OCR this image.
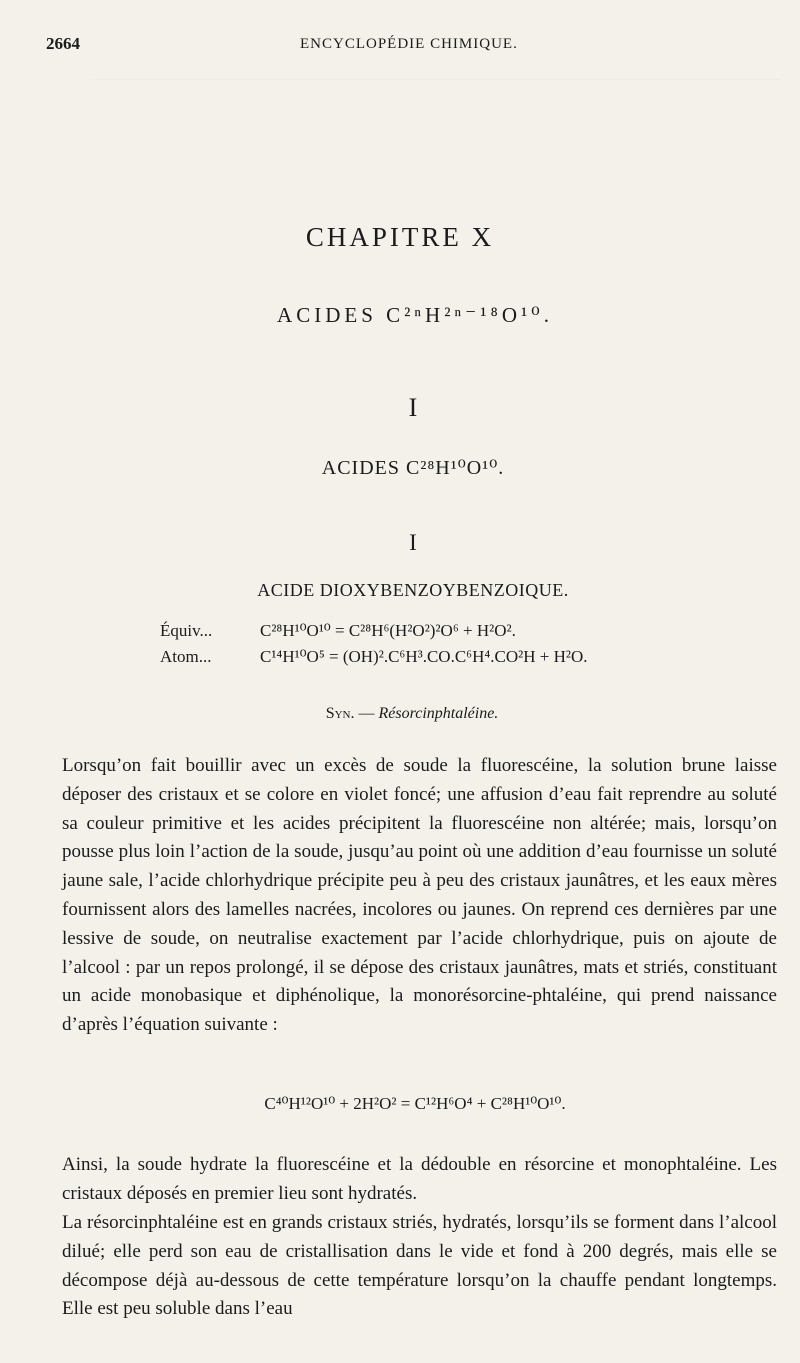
2664	ENCYCLOPÉDIE CHIMIQUE.
CHAPITRE X
ACIDES C²ⁿH²ⁿ⁻¹⁸O¹⁰.
I
ACIDES C²⁸H¹⁰O¹⁰.
I
ACIDE DIOXYBENZOYBENZOIQUE.
Équiv...	C²⁸H¹⁰O¹⁰ = C²⁸H⁶(H²O²)²O⁶ + H²O².
Atom...	C¹⁴H¹⁰O⁵ = (OH)².C⁶H³.CO.C⁶H⁴.CO²H + H²O.
Syn. — Résorcinphtaléine.
Lorsqu’on fait bouillir avec un excès de soude la fluorescéine, la solution brune laisse déposer des cristaux et se colore en violet foncé; une affusion d’eau fait reprendre au soluté sa couleur primitive et les acides précipitent la fluorescéine non altérée; mais, lorsqu’on pousse plus loin l’action de la soude, jusqu’au point où une addition d’eau fournisse un soluté jaune sale, l’acide chlorhydrique précipite peu à peu des cristaux jaunâtres, et les eaux mères fournissent alors des lamelles nacrées, incolores ou jaunes. On reprend ces dernières par une lessive de soude, on neutralise exactement par l’acide chlorhydrique, puis on ajoute de l’alcool : par un repos prolongé, il se dépose des cristaux jaunâtres, mats et striés, constituant un acide monobasique et diphénolique, la monorésorcine-phtaléine, qui prend naissance d’après l’équation suivante :
C⁴⁰H¹²O¹⁰ + 2H²O² = C¹²H⁶O⁴ + C²⁸H¹⁰O¹⁰.
Ainsi, la soude hydrate la fluorescéine et la dédouble en résorcine et monophtaléine. Les cristaux déposés en premier lieu sont hydratés.
La résorcinphtaléine est en grands cristaux striés, hydratés, lorsqu’ils se forment dans l’alcool dilué; elle perd son eau de cristallisation dans le vide et fond à 200 degrés, mais elle se décompose déjà au-dessous de cette température lorsqu’on la chauffe pendant longtemps. Elle est peu soluble dans l’eau
